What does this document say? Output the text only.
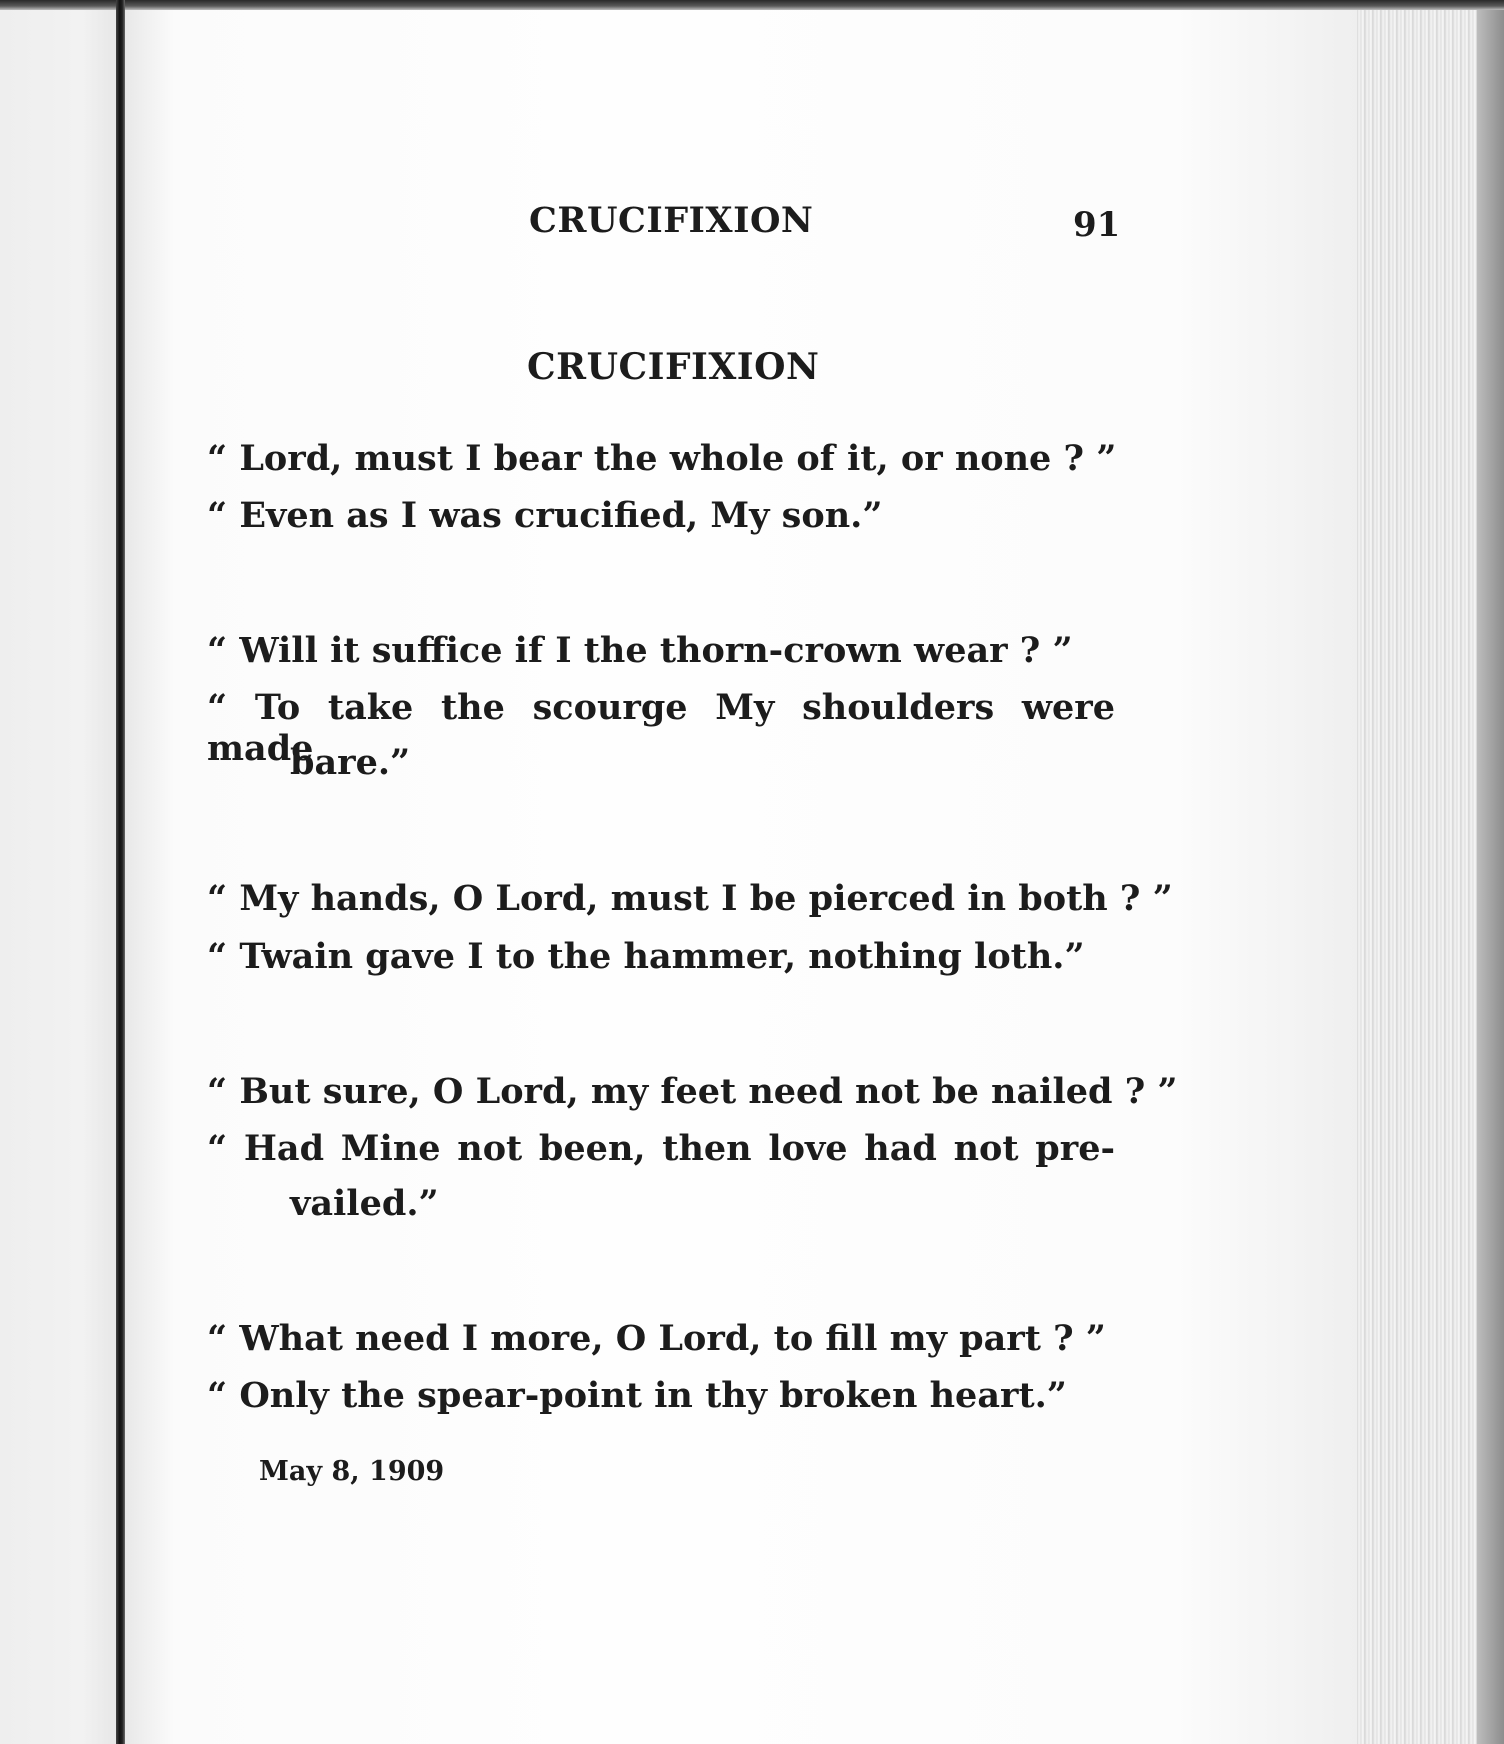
CRUCIFIXION	91
CRUCIFIXION
“ Lord, must I bear the whole of it, or none ? ”
“ Even as I was crucified, My son.”
“ Will it suffice if I the thorn-crown wear ? ”
“ To take the scourge My shoulders were made
bare.”
“ My hands, O Lord, must I be pierced in both ? ”
“ Twain gave I to the hammer, nothing loth.”
“ But sure, O Lord, my feet need not be nailed ? ”
“ Had Mine not been, then love had not pre-
vailed.”
“ What need I more, O Lord, to fill my part ? ”
“ Only the spear-point in thy broken heart.”
May 8, 1909
